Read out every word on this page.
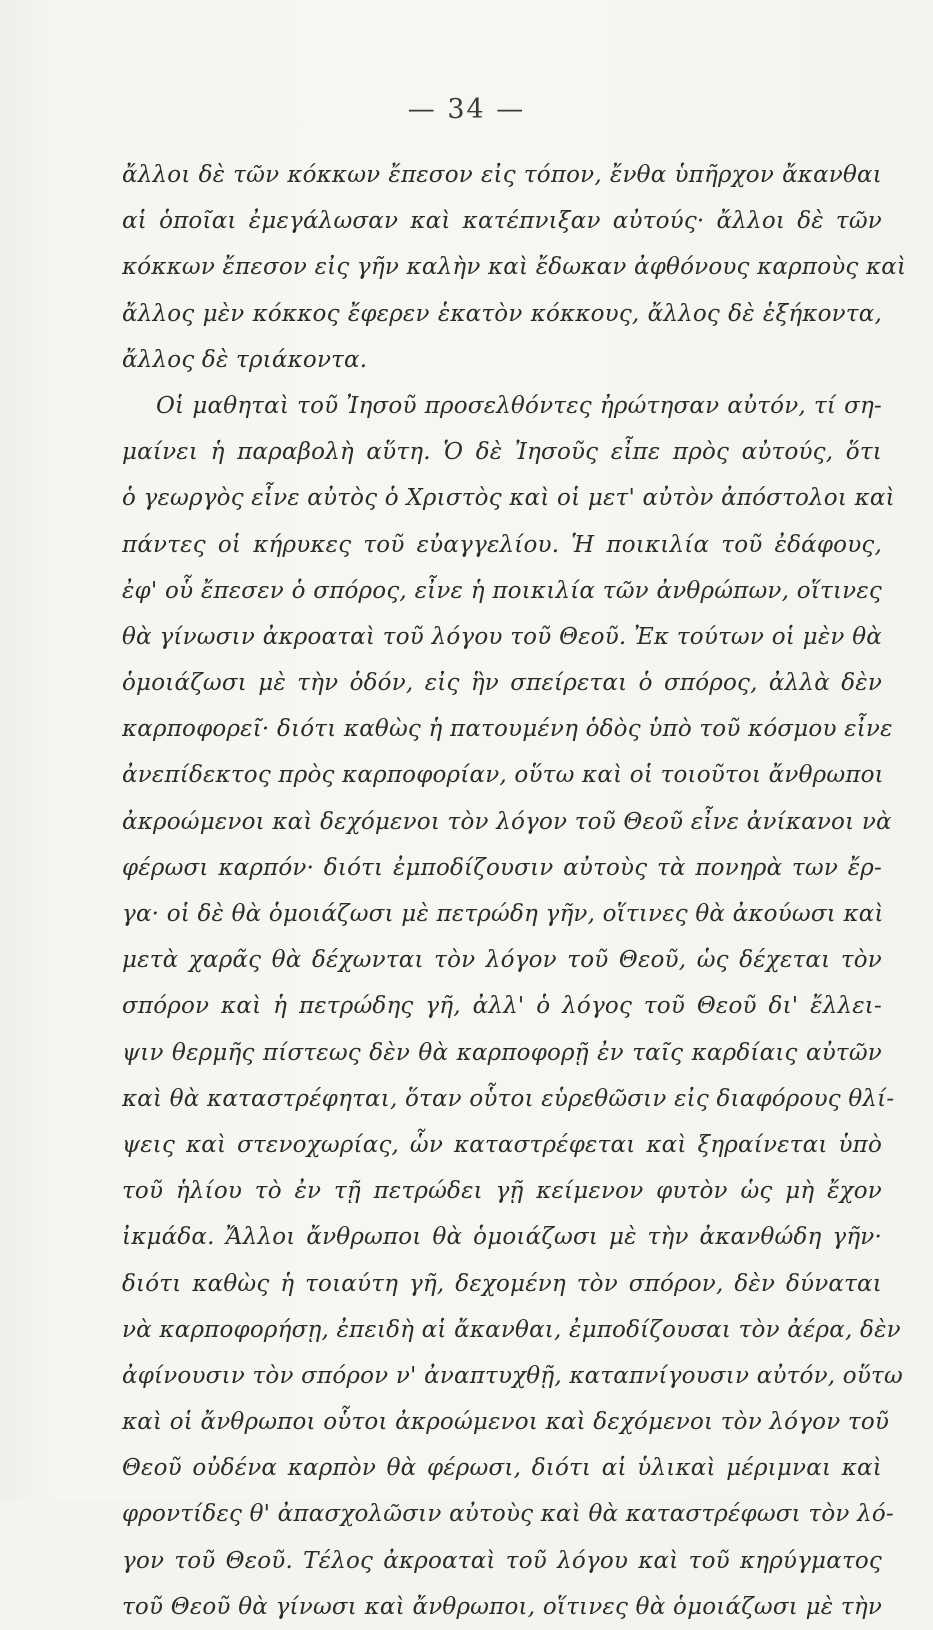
— 34 —
ἄλλοι δὲ τῶν κόκκων ἔπεσον εἰς τόπον, ἔνθα ὑπῆρχον ἄκανθαι
αἱ ὁποῖαι ἐμεγάλωσαν καὶ κατέπνιξαν αὐτούς· ἄλλοι δὲ τῶν
κόκκων ἔπεσον εἰς γῆν καλὴν καὶ ἔδωκαν ἀφθόνους καρποὺς καὶ
ἄλλος μὲν κόκκος ἔφερεν ἑκατὸν κόκκους, ἄλλος δὲ ἑξήκοντα,
ἄλλος δὲ τριάκοντα.
Οἱ μαθηταὶ τοῦ Ἰησοῦ προσελθόντες ἠρώτησαν αὐτόν, τί ση-
μαίνει ἡ παραβολὴ αὕτη. Ὁ δὲ Ἰησοῦς εἶπε πρὸς αὐτούς, ὅτι
ὁ γεωργὸς εἶνε αὐτὸς ὁ Χριστὸς καὶ οἱ μετ' αὐτὸν ἀπόστολοι καὶ
πάντες οἱ κήρυκες τοῦ εὐαγγελίου. Ἡ ποικιλία τοῦ ἐδάφους,
ἐφ' οὗ ἔπεσεν ὁ σπόρος, εἶνε ἡ ποικιλία τῶν ἀνθρώπων, οἵτινες
θὰ γίνωσιν ἀκροαταὶ τοῦ λόγου τοῦ Θεοῦ. Ἐκ τούτων οἱ μὲν θὰ
ὁμοιάζωσι μὲ τὴν ὁδόν, εἰς ἣν σπείρεται ὁ σπόρος, ἀλλὰ δὲν
καρποφορεῖ· διότι καθὼς ἡ πατουμένη ὁδὸς ὑπὸ τοῦ κόσμου εἶνε
ἀνεπίδεκτος πρὸς καρποφορίαν, οὕτω καὶ οἱ τοιοῦτοι ἄνθρωποι
ἀκροώμενοι καὶ δεχόμενοι τὸν λόγον τοῦ Θεοῦ εἶνε ἀνίκανοι νὰ
φέρωσι καρπόν· διότι ἐμποδίζουσιν αὐτοὺς τὰ πονηρὰ των ἔρ-
γα· οἱ δὲ θὰ ὁμοιάζωσι μὲ πετρώδη γῆν, οἵτινες θὰ ἀκούωσι καὶ
μετὰ χαρᾶς θὰ δέχωνται τὸν λόγον τοῦ Θεοῦ, ὡς δέχεται τὸν
σπόρον καὶ ἡ πετρώδης γῆ, ἀλλ' ὁ λόγος τοῦ Θεοῦ δι' ἔλλει-
ψιν θερμῆς πίστεως δὲν θὰ καρποφορῇ ἐν ταῖς καρδίαις αὐτῶν
καὶ θὰ καταστρέφηται, ὅταν οὗτοι εὑρεθῶσιν εἰς διαφόρους θλί-
ψεις καὶ στενοχωρίας, ὧν καταστρέφεται καὶ ξηραίνεται ὑπὸ
τοῦ ἡλίου τὸ ἐν τῇ πετρώδει γῇ κείμενον φυτὸν ὡς μὴ ἔχον
ἰκμάδα. Ἄλλοι ἄνθρωποι θὰ ὁμοιάζωσι μὲ τὴν ἀκανθώδη γῆν·
διότι καθὼς ἡ τοιαύτη γῆ, δεχομένη τὸν σπόρον, δὲν δύναται
νὰ καρποφορήσῃ, ἐπειδὴ αἱ ἄκανθαι, ἐμποδίζουσαι τὸν ἀέρα, δὲν
ἀφίνουσιν τὸν σπόρον ν' ἀναπτυχθῇ, καταπνίγουσιν αὐτόν, οὕτω
καὶ οἱ ἄνθρωποι οὗτοι ἀκροώμενοι καὶ δεχόμενοι τὸν λόγον τοῦ
Θεοῦ οὐδένα καρπὸν θὰ φέρωσι, διότι αἱ ὑλικαὶ μέριμναι καὶ
φροντίδες θ' ἀπασχολῶσιν αὐτοὺς καὶ θὰ καταστρέφωσι τὸν λό-
γον τοῦ Θεοῦ. Τέλος ἀκροαταὶ τοῦ λόγου καὶ τοῦ κηρύγματος
τοῦ Θεοῦ θὰ γίνωσι καὶ ἄνθρωποι, οἵτινες θὰ ὁμοιάζωσι μὲ τὴν
